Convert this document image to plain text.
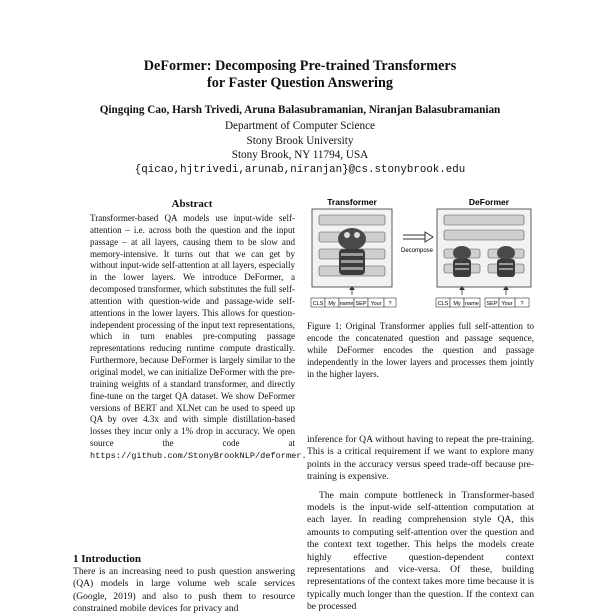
DeFormer: Decomposing Pre-trained Transformers
for Faster Question Answering
Qingqing Cao, Harsh Trivedi, Aruna Balasubramanian, Niranjan Balasubramanian
Department of Computer Science
Stony Brook University
Stony Brook, NY 11794, USA
{qicao,hjtrivedi,arunab,niranjan}@cs.stonybrook.edu
Abstract

Transformer-based QA models use input-wide self-attention – i.e. across both the question and the input passage – at all layers, causing them to be slow and memory-intensive. It turns out that we can get by without input-wide self-attention at all layers, especially in the lower layers. We introduce DeFormer, a decomposed transformer, which substitutes the full self-attention with question-wide and passage-wide self-attentions in the lower layers. This allows for question-independent processing of the input text representations, which in turn enables pre-computing passage representations reducing runtime compute drastically. Furthermore, because DeFormer is largely similar to the original model, we can initialize DeFormer with the pre-training weights of a standard transformer, and directly fine-tune on the target QA dataset. We show DeFormer versions of BERT and XLNet can be used to speed up QA by over 4.3x and with simple distillation-based losses they incur only a 1% drop in accuracy. We open source the code at https://github.com/StonyBrookNLP/deformer.

1 Introduction

There is an increasing need to push question answering (QA) models in large volume web scale services (Google, 2019) and also to push them to resource constrained mobile devices for privacy and

Transformer	DeFormer
Decompose
CLS My name SEP Your ?	CLS My name SEP Your ?
Figure 1: Original Transformer applies full self-attention to encode the concatenated question and passage sequence, while DeFormer encodes the question and passage independently in the lower layers and processes them jointly in the higher layers.

inference for QA without having to repeat the pre-training. This is a critical requirement if we want to explore many points in the accuracy versus speed trade-off because pre-training is expensive.

The main compute bottleneck in Transformer-based models is the input-wide self-attention computation at each layer. In reading comprehension style QA, this amounts to computing self-attention over the question and the context text together. This helps the models create highly effective question-dependent context representations and vice-versa. Of these, building representations of the context takes more time because it is typically much longer than the question. If the context can be processed
